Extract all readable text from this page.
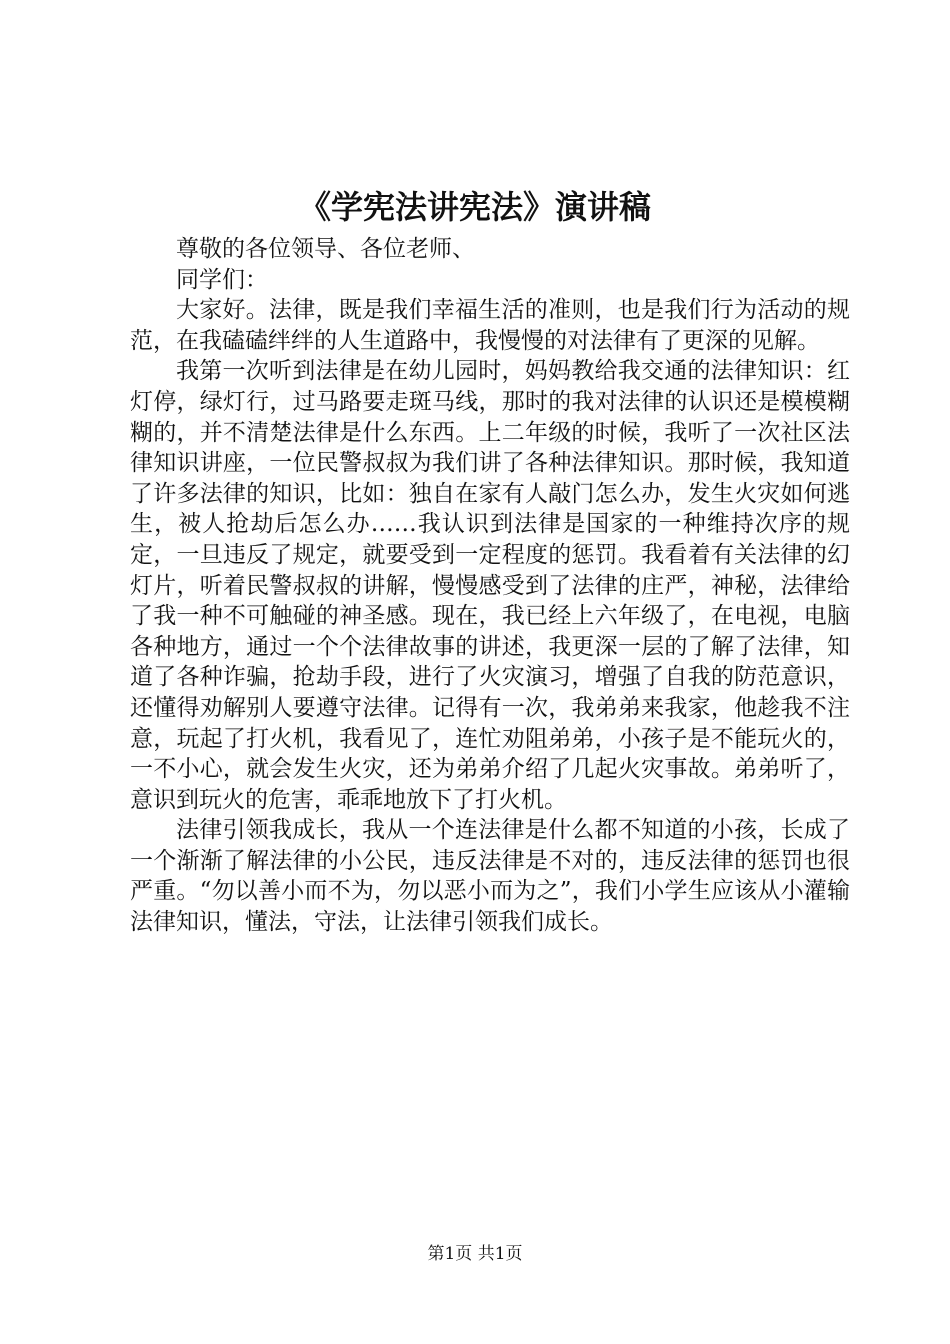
《学宪法讲宪法》演讲稿

尊敬的各位领导、各位老师、

同学们：

大家好。法律，既是我们幸福生活的准则，也是我们行为活动的规范，在我磕磕绊绊的人生道路中，我慢慢的对法律有了更深的见解。

我第一次听到法律是在幼儿园时，妈妈教给我交通的法律知识：红灯停，绿灯行，过马路要走斑马线，那时的我对法律的认识还是模模糊糊的，并不清楚法律是什么东西。上二年级的时候，我听了一次社区法律知识讲座，一位民警叔叔为我们讲了各种法律知识。那时候，我知道了许多法律的知识，比如：独自在家有人敲门怎么办，发生火灾如何逃生，被人抢劫后怎么办……我认识到法律是国家的一种维持次序的规定，一旦违反了规定，就要受到一定程度的惩罚。我看着有关法律的幻灯片，听着民警叔叔的讲解，慢慢感受到了法律的庄严，神秘，法律给了我一种不可触碰的神圣感。现在，我已经上六年级了，在电视，电脑各种地方，通过一个个法律故事的讲述，我更深一层的了解了法律，知道了各种诈骗，抢劫手段，进行了火灾演习，增强了自我的防范意识，还懂得劝解别人要遵守法律。记得有一次，我弟弟来我家，他趁我不注意，玩起了打火机，我看见了，连忙劝阻弟弟，小孩子是不能玩火的，一不小心，就会发生火灾，还为弟弟介绍了几起火灾事故。弟弟听了，意识到玩火的危害，乖乖地放下了打火机。

法律引领我成长，我从一个连法律是什么都不知道的小孩，长成了一个渐渐了解法律的小公民，违反法律是不对的，违反法律的惩罚也很严重。“勿以善小而不为，勿以恶小而为之”，我们小学生应该从小灌输法律知识，懂法，守法，让法律引领我们成长。

第1页 共1页
